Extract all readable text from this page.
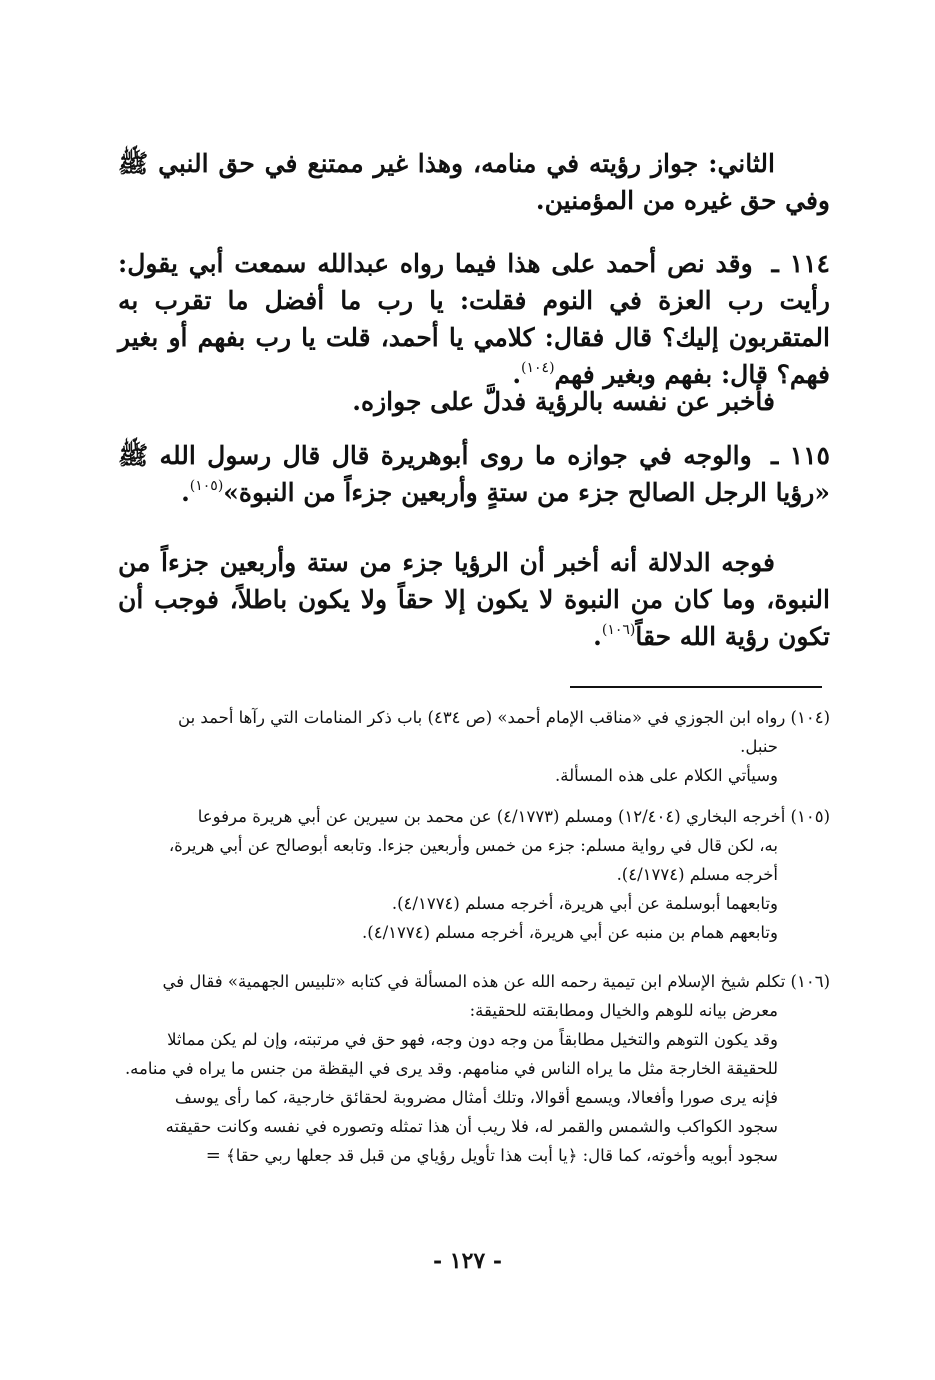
الثاني: جواز رؤيته في منامه، وهذا غير ممتنع في حق النبي ﷺ وفي حق غيره من المؤمنين.

١١٤ ـ وقد نص أحمد على هذا فيما رواه عبدالله سمعت أبي يقول: رأيت رب العزة في النوم فقلت: يا رب ما أفضل ما تقرب به المتقربون إليك؟ قال فقال: كلامي يا أحمد، قلت يا رب بفهم أو بغير فهم؟ قال: بفهم وبغير فهم$^{(١٠٤)}$.

فأخبر عن نفسه بالرؤية فدلَّ على جوازه.

١١٥ ـ والوجه في جوازه ما روى أبوهريرة قال قال رسول الله ﷺ «رؤيا الرجل الصالح جزء من ستةٍ وأربعين جزءاً من النبوة»$^{(١٠٥)}$.

فوجه الدلالة أنه أخبر أن الرؤيا جزء من ستة وأربعين جزءاً من النبوة، وما كان من النبوة لا يكون إلا حقاً ولا يكون باطلاً، فوجب أن تكون رؤية الله حقاً$^{(١٠٦)}$.

(١٠٤) رواه ابن الجوزي في «مناقب الإمام أحمد» (ص ٤٣٤) باب ذكر المنامات التي رآها أحمد بن

حنبل.

وسيأتي الكلام على هذه المسألة.

(١٠٥) أخرجه البخاري (١٢/٤٠٤) ومسلم (٤/١٧٧٣) عن محمد بن سيرين عن أبي هريرة مرفوعا

به، لكن قال في رواية مسلم: جزء من خمس وأربعين جزءا. وتابعه أبوصالح عن أبي هريرة،

أخرجه مسلم (٤/١٧٧٤).

وتابعهما أبوسلمة عن أبي هريرة، أخرجه مسلم (٤/١٧٧٤).

وتابعهم همام بن منبه عن أبي هريرة، أخرجه مسلم (٤/١٧٧٤).

(١٠٦) تكلم شيخ الإسلام ابن تيمية رحمه الله عن هذه المسألة في كتابه «تلبيس الجهمية» فقال في

معرض بيانه للوهم والخيال ومطابقته للحقيقة:

وقد يكون التوهم والتخيل مطابقاً من وجه دون وجه، فهو حق في مرتبته، وإن لم يكن مماثلا

للحقيقة الخارجة مثل ما يراه الناس في منامهم. وقد يرى في اليقظة من جنس ما يراه في منامه.

فإنه يرى صورا وأفعالا، ويسمع أقوالا، وتلك أمثال مضروبة لحقائق خارجية، كما رأى يوسف

سجود الكواكب والشمس والقمر له، فلا ريب أن هذا تمثله وتصوره في نفسه وكانت حقيقته

سجود أبويه وأخوته، كما قال: ﴿يا أبت هذا تأويل رؤياي من قبل قد جعلها ربي حقا﴾ =

- ١٢٧ -
